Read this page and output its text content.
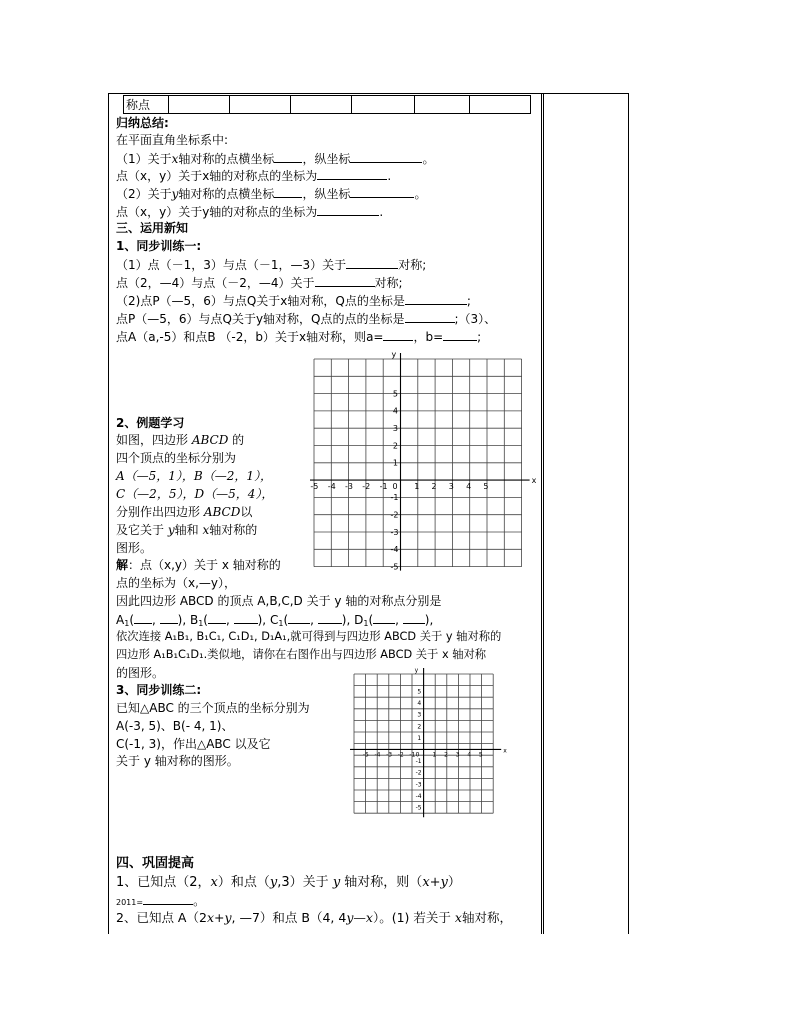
称点						
归纳总结:
在平面直角坐标系中:
（1）关于x轴对称的点横坐标 ，纵坐标	。
点（x，y）关于x轴的对称点的坐标为	.
（2）关于y轴对称的点横坐标 ，纵坐标	。
点（x，y）关于y轴的对称点的坐标为	.
三、运用新知
1、同步训练一:
（1）点（－1，3）与点（－1，—3）关于	对称;
点（2，—4）与点（－2，—4）关于	对称;
（2)点P（—5，6）与点Q关于x轴对称，Q点的坐标是	;
点P（—5，6）与点Q关于y轴对称，Q点的点的坐标是	;（3）、
点A（a,-5）和点B （-2，b）关于x轴对称，则a=	，b=	;
x
y
0
-5 -4 -3 -2 -1	1 2 3 4 5
5
4
3
2
1
-1
-2
-3
-4
-5
2、例题学习
如图，四边形 ABCD 的
四个顶点的坐标分别为
A（—5，1），B（—2，1），
C（—2，5），D（—5，4），
分别作出四边形 ABCD以
及它关于 y轴和 x轴对称的
图形。
解：点（x,y）关于 x 轴对称的
点的坐标为（x,—y），
因此四边形 ABCD 的顶点 A,B,C,D 关于 y 轴的对称点分别是
$A_1$( , ), $B_1$( , ), $C_1$( , ), $D_1$( , ),
依次连接 A₁B₁, B₁C₁, C₁D₁, D₁A₁,就可得到与四边形 ABCD 关于 y 轴对称的
四边形 A₁B₁C₁D₁.类似地，请你在右图作出与四边形 ABCD 关于 x 轴对称
的图形。
3、同步训练二:
已知△ABC 的三个顶点的坐标分别为
A(-3, 5)、B(- 4, 1)、
C(-1, 3)，作出△ABC 以及它
关于 y 轴对称的图形。
x
y
0
-5 -4 -3 -2 -1	1 2 3 4 5
5
4
3
2
1
-1
-2
-3
-4
-5
四、巩固提高
1、已知点（2，x）和点（y,3）关于 y 轴对称，则（x+y）
2011=	。
2、已知点 A（2x+y, —7）和点 B（4, 4y—x）。(1) 若关于 x轴对称，
